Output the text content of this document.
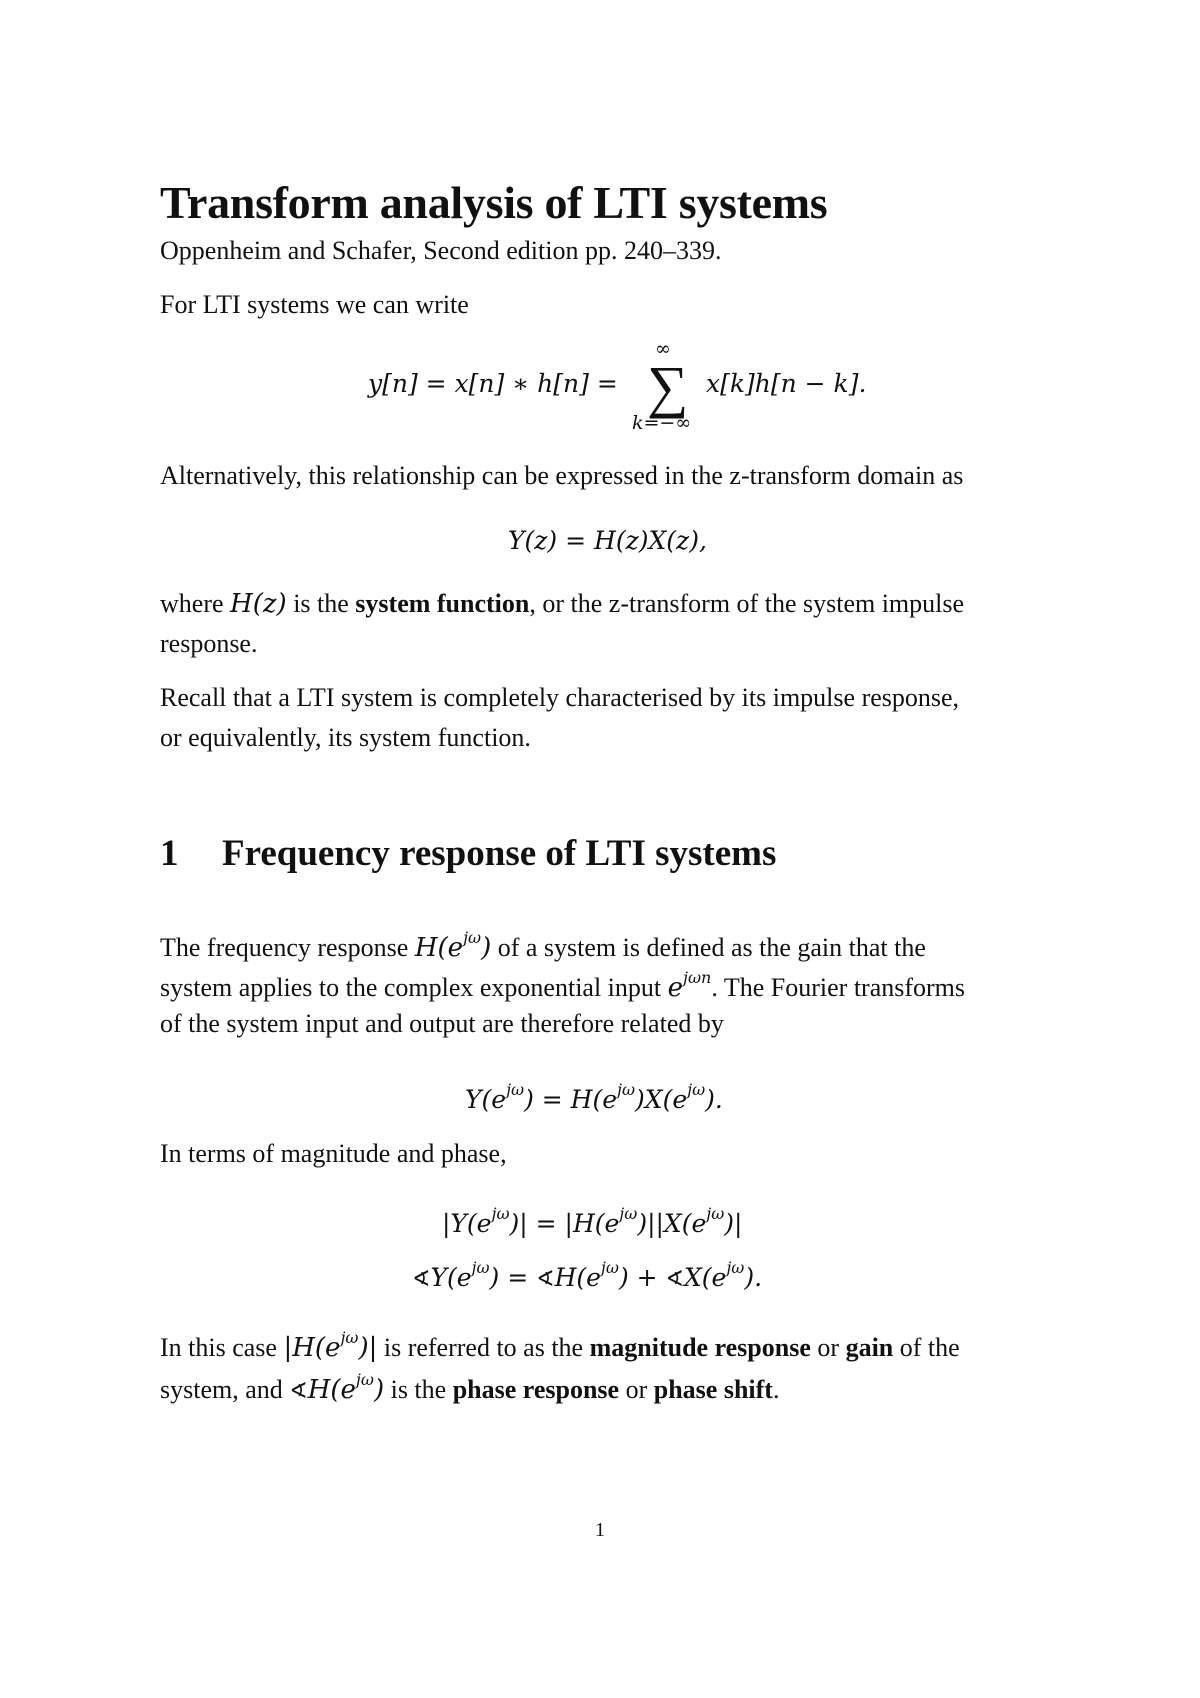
Transform analysis of LTI systems
Oppenheim and Schafer, Second edition pp. 240–339.
For LTI systems we can write
y[n] = x[n] ∗ h[n] =
∞
∑
k=−∞
x[k]h[n − k].
Alternatively, this relationship can be expressed in the z-transform domain as
Y(z) = H(z)X(z),
where H(z) is the system function, or the z-transform of the system impulse
response.
Recall that a LTI system is completely characterised by its impulse response,
or equivalently, its system function.
1 Frequency response of LTI systems
The frequency response $H(e^{j\omega})$ of a system is defined as the gain that the
system applies to the complex exponential input $e^{j\omega n}$. The Fourier transforms
of the system input and output are therefore related by
$Y(e^{j\omega}) = H(e^{j\omega})X(e^{j\omega})$.
In terms of magnitude and phase,
$|Y(e^{j\omega})| = |H(e^{j\omega})||X(e^{j\omega})|$
$∢Y(e^{j\omega})$ = $∢H(e^{j\omega})$ + $∢X(e^{j\omega})$.
In this case $|H(e^{j\omega})|$ is referred to as the magnitude response or gain of the
system, and $∢H(e^{j\omega})$ is the phase response or phase shift.
1
